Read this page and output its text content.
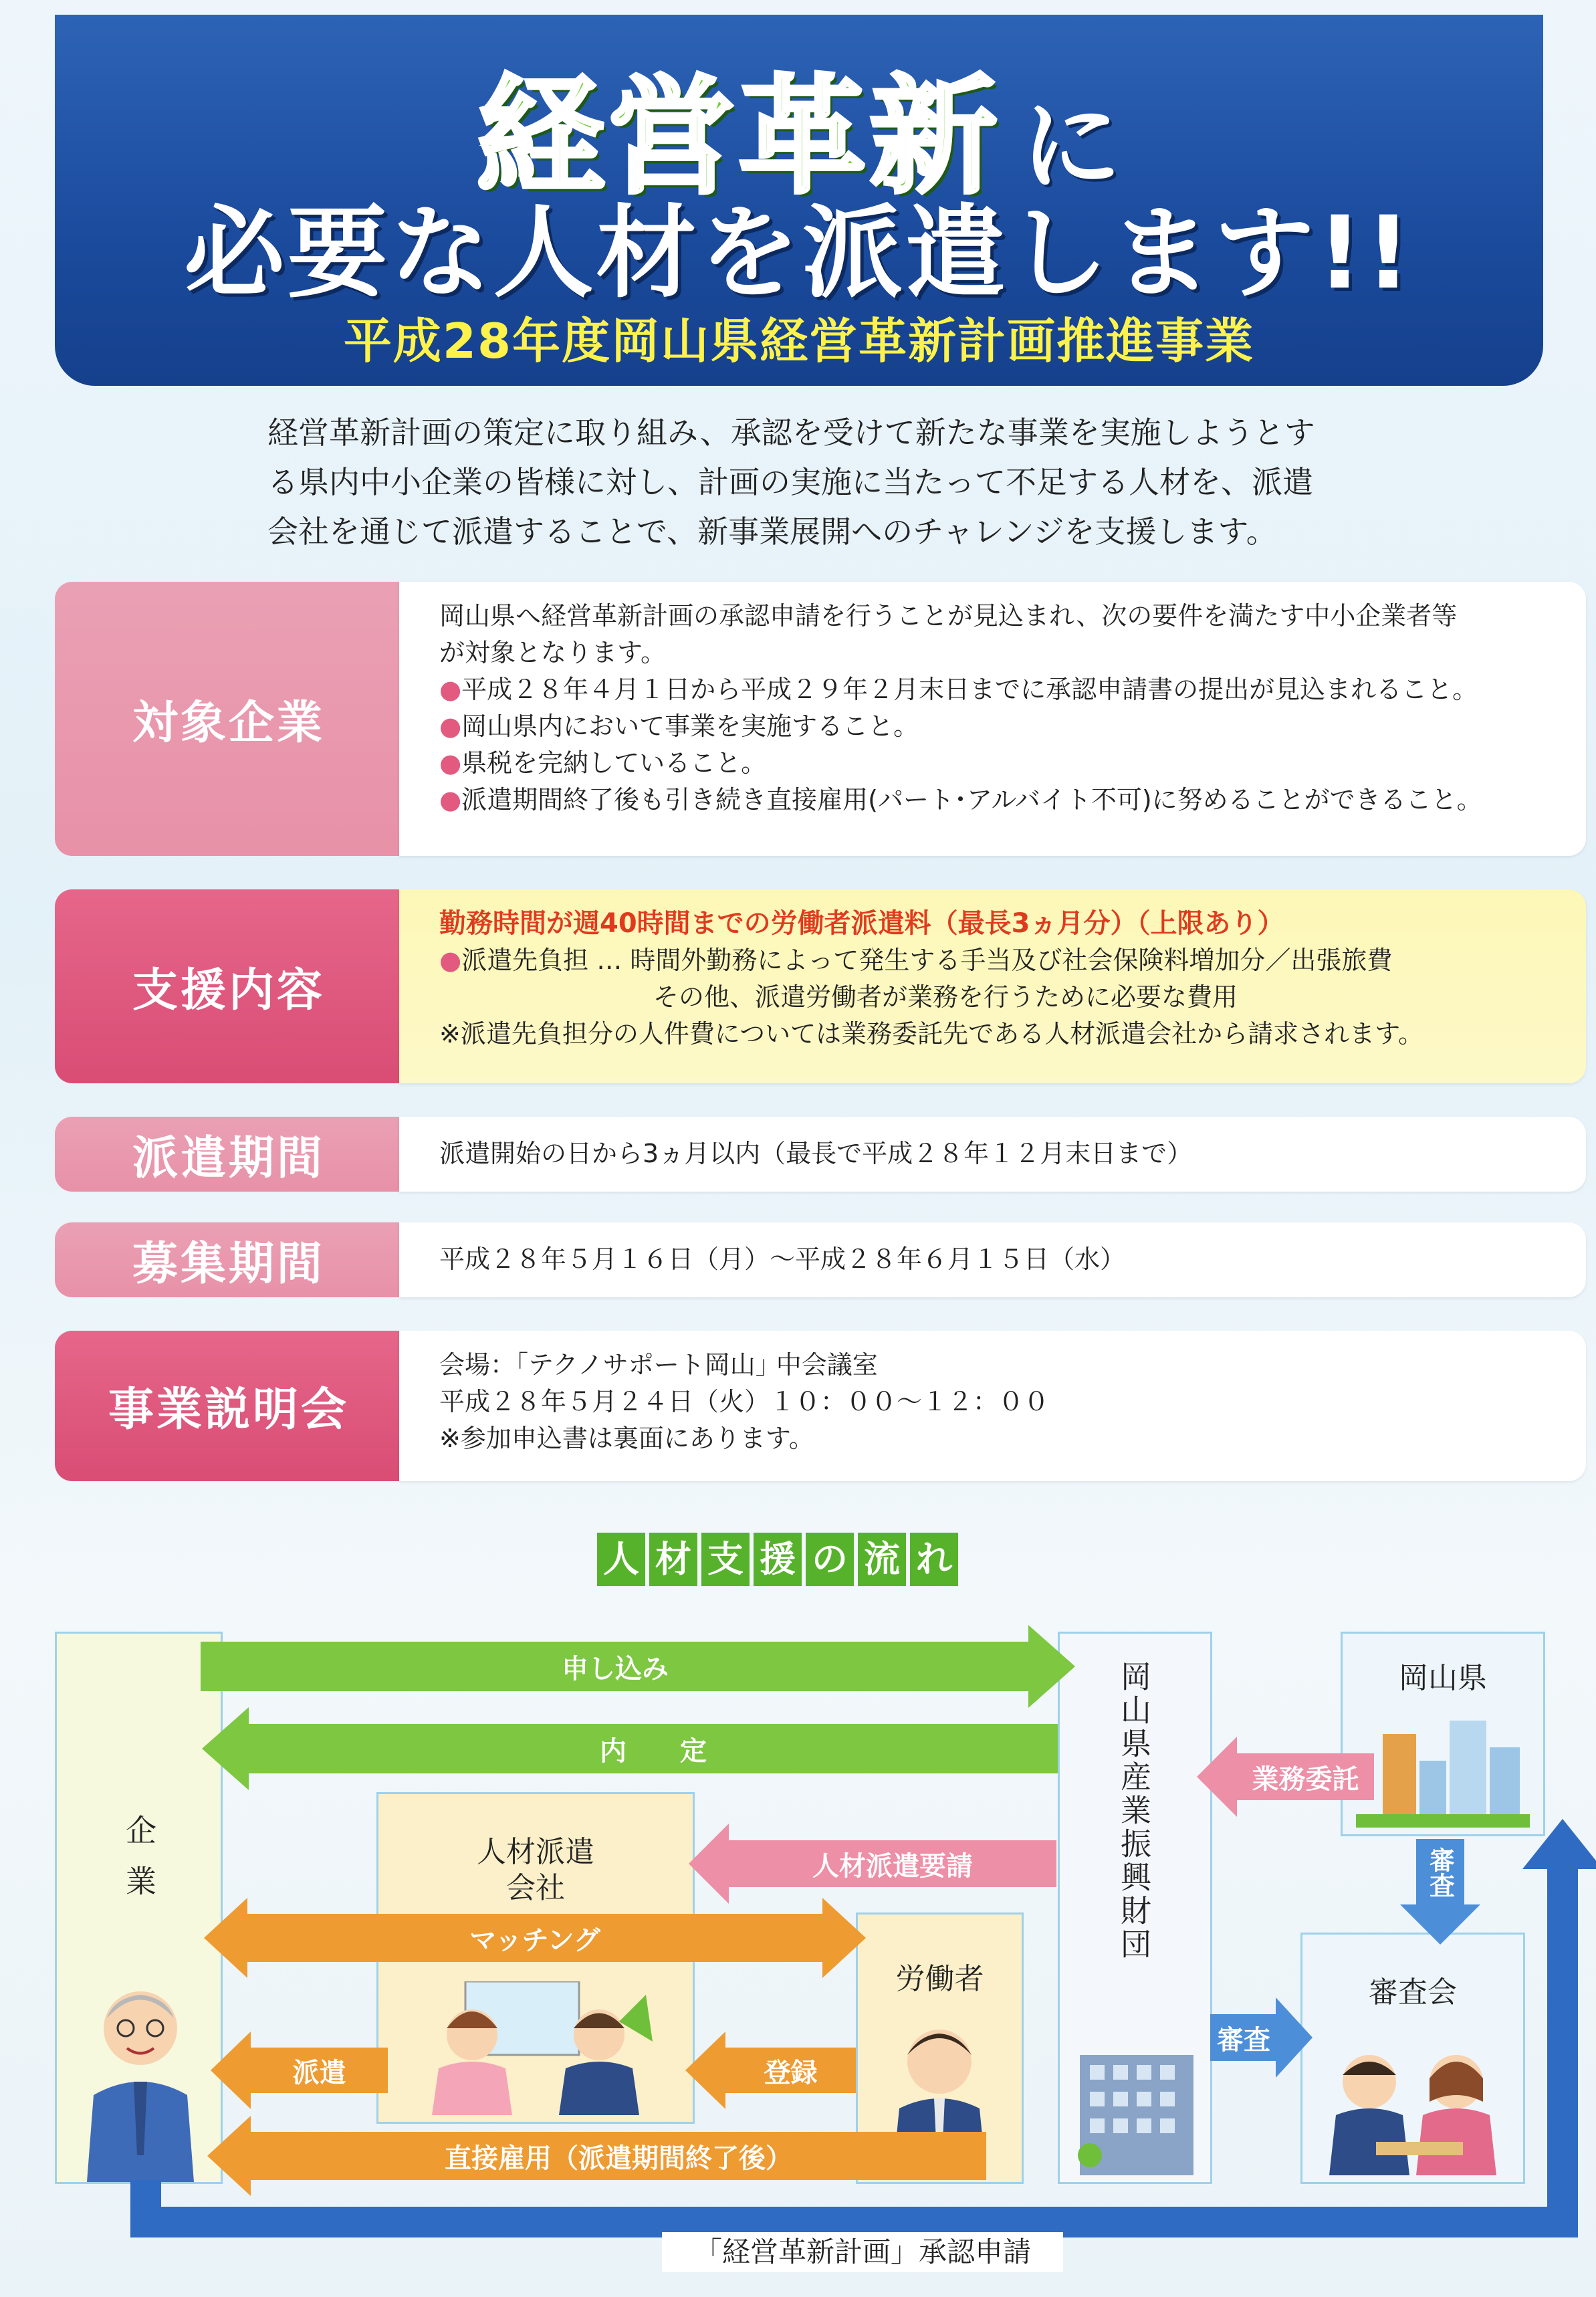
経営革新 に
必要な人材を派遣します!!
平成28年度岡山県経営革新計画推進事業
経営革新計画の策定に取り組み、承認を受けて新たな事業を実施しようとす
る県内中小企業の皆様に対し、計画の実施に当たって不足する人材を、派遣
会社を通じて派遣することで、新事業展開へのチャレンジを支援します。
対象企業
岡山県へ経営革新計画の承認申請を行うことが見込まれ、次の要件を満たす中小企業者等
が対象となります。
●平成２８年４月１日から平成２９年２月末日までに承認申請書の提出が見込まれること。
●岡山県内において事業を実施すること。
●県税を完納していること。
●派遣期間終了後も引き続き直接雇用(パート･アルバイト不可)に努めることができること。
支援内容
勤務時間が週40時間までの労働者派遣料（最長3ヵ月分）（上限あり）
●派遣先負担 … 時間外勤務によって発生する手当及び社会保険料増加分／出張旅費
その他、派遣労働者が業務を行うために必要な費用
※派遣先負担分の人件費については業務委託先である人材派遣会社から請求されます。
派遣期間	派遣開始の日から3ヵ月以内（最長で平成２８年１２月末日まで）
募集期間	平成２８年５月１６日（月）～平成２８年６月１５日（水）
事業説明会
会場：｢テクノサポート岡山｣ 中会議室
平成２８年５月２４日（火）１０：００～１２：００
※参加申込書は裏面にあります。
人 材 支 援 の 流 れ
企業	人材派遣
会社
労働者
岡山県産業振興財団	岡山県
審査会
申し込み
内　　定
人材派遣要請
業務委託
マッチング
派遣	登録
直接雇用（派遣期間終了後）
審査
審査
「経営革新計画」承認申請
